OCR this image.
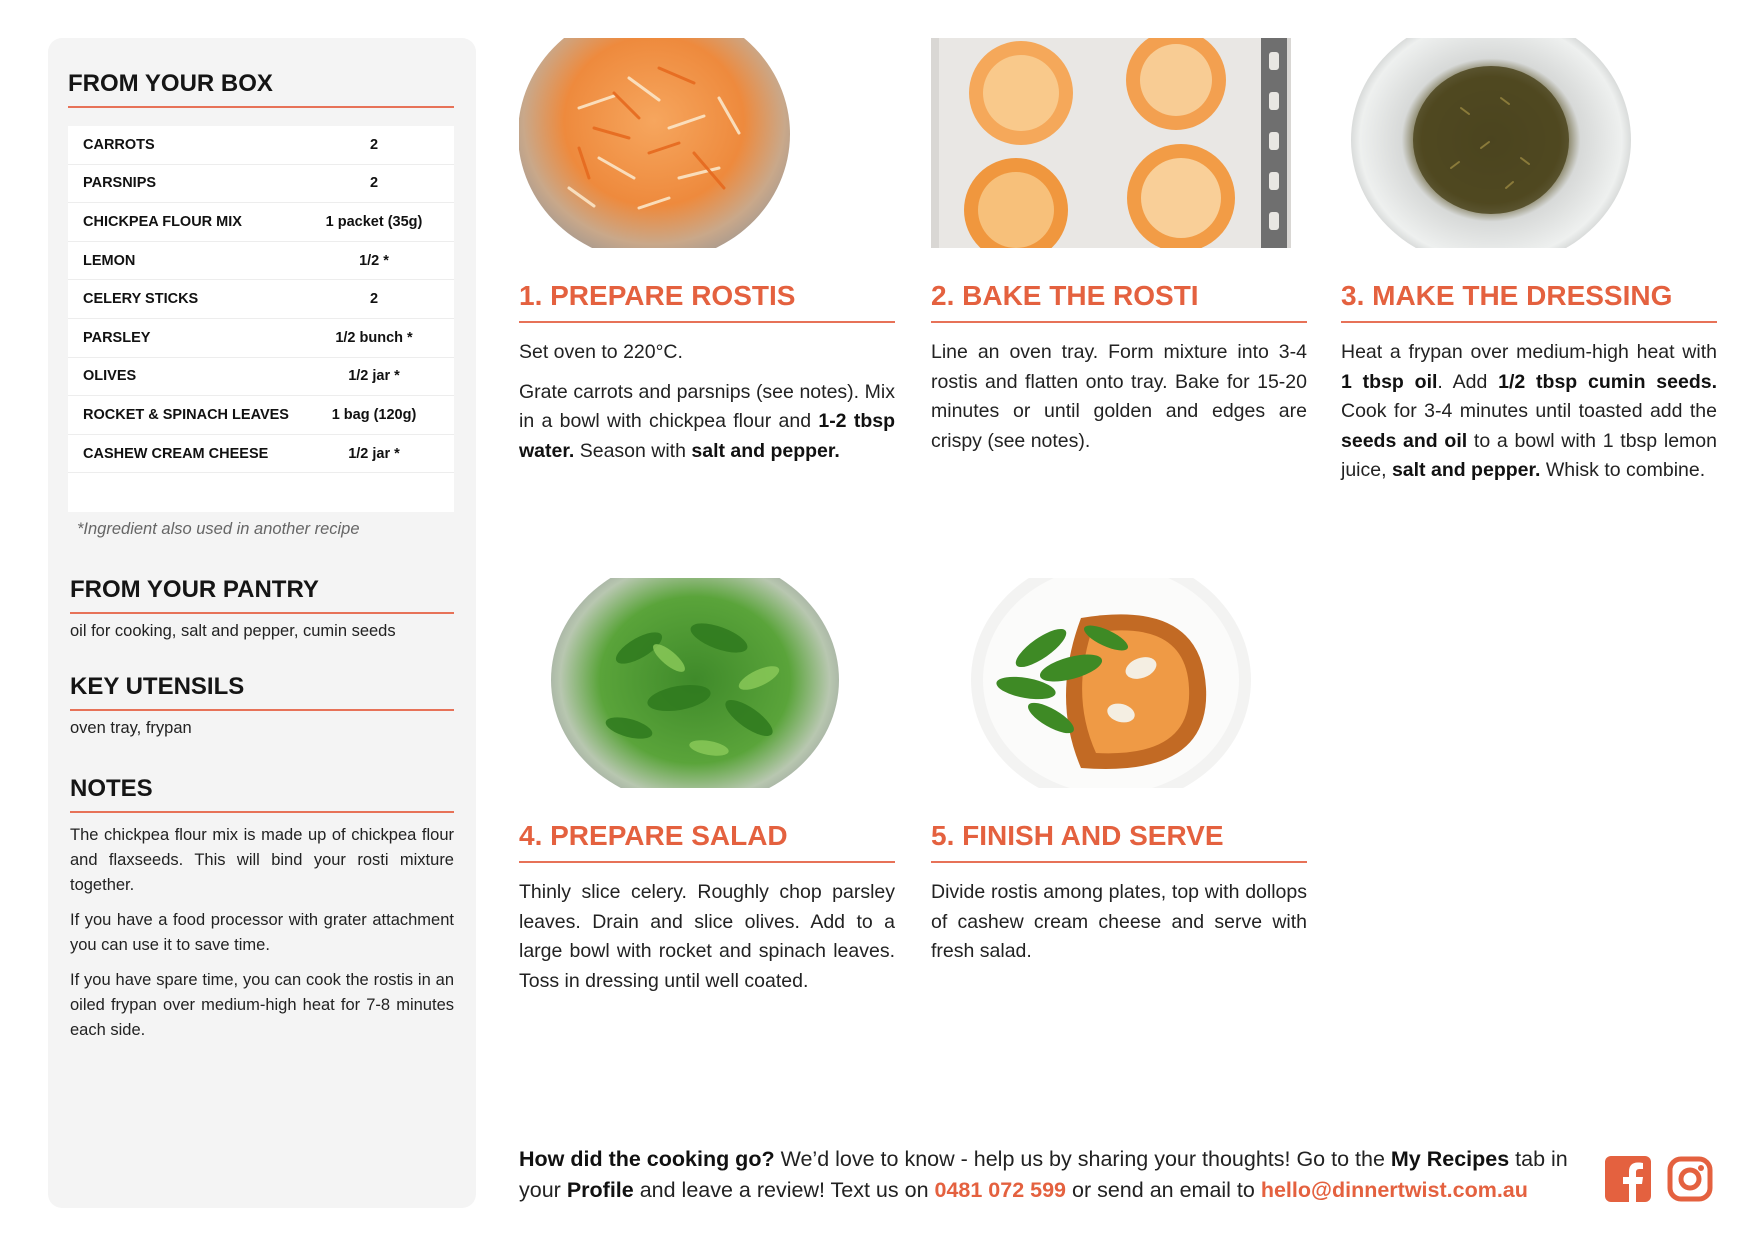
FROM YOUR BOX
CARROTS	2
PARSNIPS	2
CHICKPEA FLOUR MIX	1 packet (35g)
LEMON	1/2 *
CELERY STICKS	2
PARSLEY	1/2 bunch *
OLIVES	1/2 jar *
ROCKET & SPINACH LEAVES	1 bag (120g)
CASHEW CREAM CHEESE	1/2 jar *
*Ingredient also used in another recipe
FROM YOUR PANTRY
oil for cooking, salt and pepper, cumin seeds
KEY UTENSILS
oven tray, frypan
NOTES

The chickpea flour mix is made up of chickpea flour and flaxseeds. This will bind your rosti mixture together.

If you have a food processor with grater attachment you can use it to save time.

If you have spare time, you can cook the rostis in an oiled frypan over medium-high heat for 7-8 minutes each side.

1. PREPARE ROSTIS

Set oven to 220°C.

Grate carrots and parsnips (see notes). Mix in a bowl with chickpea flour and 1-2 tbsp water. Season with salt and pepper.

2. BAKE THE ROSTI

Line an oven tray. Form mixture into 3-4 rostis and flatten onto tray. Bake for 15-20 minutes or until golden and edges are crispy (see notes).

3. MAKE THE DRESSING

Heat a frypan over medium-high heat with 1 tbsp oil. Add 1/2 tbsp cumin seeds. Cook for 3-4 minutes until toasted add the seeds and oil to a bowl with 1 tbsp lemon juice, salt and pepper. Whisk to combine.

4. PREPARE SALAD

Thinly slice celery. Roughly chop parsley leaves. Drain and slice olives. Add to a large bowl with rocket and spinach leaves. Toss in dressing until well coated.

5. FINISH AND SERVE

Divide rostis among plates, top with dollops of cashew cream cheese and serve with fresh salad.

How did the cooking go? We’d love to know - help us by sharing your thoughts! Go to the My Recipes tab in your Profile and leave a review! Text us on 0481 072 599 or send an email to hello@dinnertwist.com.au
